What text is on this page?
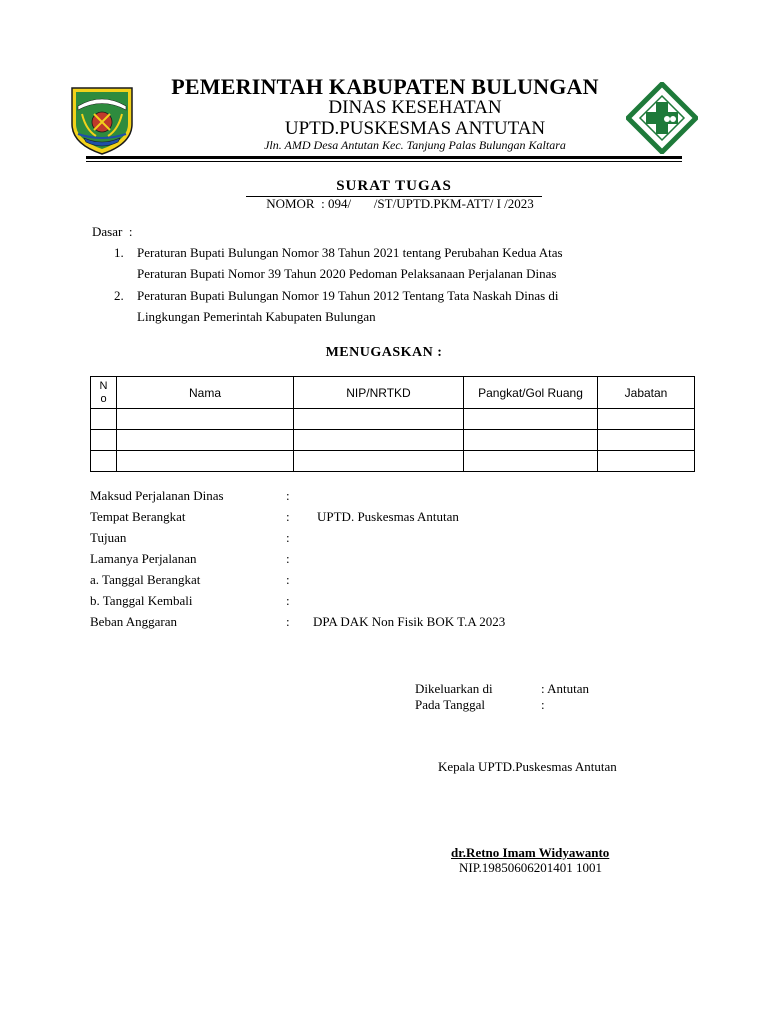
PEMERINTAH KABUPATEN BULUNGAN
DINAS KESEHATAN
UPTD.PUSKESMAS ANTUTAN
Jln. AMD Desa Antutan Kec. Tanjung Palas Bulungan Kaltara
SURAT TUGAS
NOMOR  : 094/       /ST/UPTD.PKM-ATT/ I /2023
Dasar  :
1. Peraturan Bupati Bulungan Nomor 38 Tahun 2021 tentang Perubahan Kedua Atas
Peraturan Bupati Nomor 39 Tahun 2020 Pedoman Pelaksanaan Perjalanan Dinas
2. Peraturan Bupati Bulungan Nomor 19 Tahun 2012 Tentang Tata Naskah Dinas di
Lingkungan Pemerintah Kabupaten Bulungan
MENUGASKAN :
N
o	Nama	NIP/NRTKD	Pangkat/Gol Ruang	Jabatan

Maksud Perjalanan Dinas	:
Tempat Berangkat	: UPTD. Puskesmas Antutan
Tujuan	:
Lamanya Perjalanan	:
a. Tanggal Berangkat	:
b. Tanggal Kembali	:
Beban Anggaran	: DPA DAK Non Fisik BOK T.A 2023
Dikeluarkan di	: Antutan
Pada Tanggal	:
Kepala UPTD.Puskesmas Antutan
dr.Retno Imam Widyawanto
NIP.19850606201401 1001
